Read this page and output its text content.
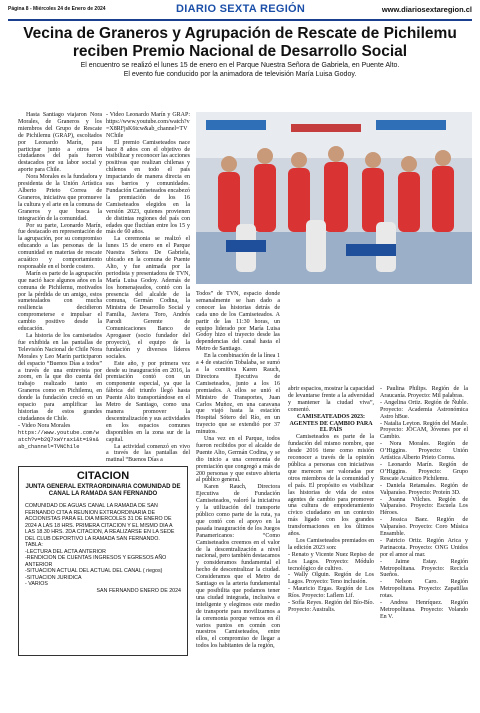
Página 8 - Miércoles 24 de Enero de 2024	DIARIO SEXTA REGIÓN	www.diariosextaregion.cl
Vecina de Graneros y Agrupación de Rescate de Pichilemu reciben Premio Nacional de Desarrollo Social
El encuentro se realizó el lunes 15 de enero en el Parque Nuestra Señora de Gabriela, en Puente Alto.
El evento fue conducido por la animadora de televisión María Luisa Godoy.

Hasta Santiago viajaron Nora Morales, de Graneros y los miembros del Grupo de Rescate de Pichilemu (GRAP), escoltados por Leonardo Marín, para participar junto a otros 14 ciudadanos del país fueron destacados por su labor social y aporte para Chile.

Nora Morales es la fundadora y presidenta de la Unión Artística Alberto Prieto Correa de Graneros, iniciativa que promueve la cultura y el arte en la comuna de Graneros y que busca la integración de la comunidad.

Por su parte, Leonardo Marín, fue destacado en representación de la agrupación, por su compromiso educando a las personas de la comunidad en materias de rescate acuático y comportamiento responsable en el borde costero.

Marín es parte de la agrupación que nació hace algunos años en la comuna de Pichilemu, motivados por la pérdida de un amigo, estos sumetealados con mucha resiliencia decidieron comprometerse e impulsar el cambio positivo desde la educación.

La historia de los camisetados fue exhibida en las pantallas de Televisión Nacional de Chile Nora Morales y Leo Marín participaron del espacio “Buenos Días a todos” a través de una entrevista por zoom, en la que dio cuenta del trabajo realizado tanto en Graneros como en Pichilemu, en donde la fundación creció en un espacio para amplificar las historias de estos grandes ciudadanos de Chile.

- Video Nora Morales

https://www.youtube.com/watch?v=b2Q7xwYrax1&t=19s&ab_channel=TVNChile

- Video Leonardo Marín y GRAP: https://www.youtube.com/watch?v=X8RFjsK6tcw&ab_channel=TVNChile

El premio Camiseteados nace hace 8 años con el objetivo de visibilizar y reconocer las acciones positivas que realizan chilenas y chilenos en todo el país impactando de manera directa en sus barrios y comunidades. Fundación Camiseteados encabezó la premiación de los 16 Camiseteados elegidos en la versión 2023, quienes provienen de distintas regiones del país con edades que fluctúan entre los 15 y más de 60 años.

La ceremonia se realizó el lunes 15 de enero en el Parque Nuestra Señora De Gabriela, ubicado en la comuna de Puente Alto, y fue animada por la periodista y presentadora de TVN, María Luisa Godoy. Además de los homenajeados, contó con la presencia del alcalde de la comuna, Germán Codina, la Ministra de Desarrollo Social y Familia, Javiera Toro, Andrés Parodi Gerente de Comunicaciones Banco de Aprogaser (socio fundador del proyecto), el equipo de la fundación y diversos líderes sociales.

Este año, y por primera vez desde su inauguración en 2016, la premiación contó con un componente especial, ya que la fábrica del triunfo llegó hasta Puente Alto transportándose en el Metro de Santiago, como una manera promover la descentralización y sus actividades en los espacios comunes disponibles en la zona sur de la capital.

La actividad comenzó en vivo a través de las pantallas del matinal “Buenos Días a

Todos” de TVN, espacio donde semanalmente se han dado a conocer las historias detrás de cada uno de los Camiseteados. A partir de las 11:30 horas, un equipo liderado por María Luisa Godoy hizo el trayecto desde las dependencias del canal hasta el Metro de Santiago.

En la combinación de la línea 1 a 4 de estación Tobalaba, se sumó a la comitiva Karen Rauch, Directora Ejecutiva de Camiseteados, junto a los 16 premiados. A ellos se unió el Ministro de Transportes, Juan Carlos Muñoz, en una caravana que viajó hasta la estación Hospital Sótero del Río, en un trayecto que se extendió por 37 minutos.

Una vez en el Parque, todos fueron recibidos por el alcalde de Puente Alto, Germán Codina, y se dio inicio a una ceremonia de premiación que congregó a más de 200 personas y que estuvo abierta al público general.

Karen Rauch, Directora Ejecutiva de Fundación Camiseteados, valoró la iniciativa y la utilización del transporte público como parte de la ruta, ya que contó con el apoyo en la pasada inauguración de los Juegos Panamericanos: “Como Camiseteados creemos en el valor de la descentralización a nivel nacional, pero también destacamos y consideramos fundamental el hecho de descentralizar la ciudad. Consideramos que el Metro de Santiago es la arteria fundamental que posibilita que podamos tener una ciudad integrada, inclusiva e inteligente y elegimos este medio de transporte para movilizarnos a la ceremonia porque vemos en él varios puntos en común con nuestros Camiseteados, entre ellos, el compromiso de llegar a todos los habitantes de la región,

abrir espacios, mostrar la capacidad de levantarse frente a la adversidad y mantener la ciudad viva”, comentó.

CAMISEATEADOS 2023: AGENTES DE CAMBIO PARA EL PAÍS

Camiseteados es parte de la fundación del mismo nombre, que desde 2016 tiene como misión reconocer a través de la opinión pública a personas con iniciativas que merecen ser valoradas por otros miembros de la comunidad y el país. El propósito es visibilizar las historias de vida de estos agentes de cambio para promover una cultura de empoderamiento cívico ciudadano en un contexto más ligado con los grandes transformaciones en los últimos años.

Los Camiseteados premiados en la edición 2023 son:

- Renato y Vicente Nuez Repiso de Los Lagos. Proyecto: Módulo tecnológico de cultivo.

- Wally Olguin. Región de Los Lagos. Proyecto: Teno inclusión.

- Mauricio Ergas. Región de Los Ríos. Proyecto: Laflem Lif.

- Sofía Reyes. Región del Bío-Bío. Proyecto: Australis.

- Paulina Philips. Región de la Araucanía. Proyecto: Mil palabras.

- Angelina Ortiz. Región de Ñuble. Proyecto: Academia Astronómica Astro hBue.

- Natalia Leyton. Región del Maule. Proyecto: JOCAM, Jóvenes por el Cambio.

- Nora Morales. Región de O’Higgins. Proyecto: Unión Artística Alberto Prieto Correa.

- Leonardo Marín. Región de O’Higgins. Proyecto: Grupo Rescate Acuático Pichilemu.

- Daniela Retamales. Región de Valparaíso. Proyecto: Proteín 3D.

- Joanna Vilches. Región de Valparaíso. Proyecto: Escuela Los Héroes.

- Jessica Baez. Región de Valparaíso. Proyecto: Coro Música Ensamble.

- Patricio Ortiz. Región Arica y Parinacota. Proyecto: ONG Unidos por el amor al mar.

- Jaime Estay. Región Metropolitana. Proyecto: Recicla Sueños.

- Nelson Caro. Región Metropolitana. Proyecto: Zapatillas rotas.

- Andrea Henríquez. Región Metropolitana. Proyecto: Volando En V.

CITACION
JUNTA GENERAL EXTRAORDINARIA COMUNIDAD DE CANAL LA RAMADA SAN FERNANDO
COMUNIDAD DE AGUAS CANAL LA RAMADA DE SAN FERNANDO CITA A REUNION EXTRAORDINARIA DE ACCIONISTAS PARA EL DIA MIERCOLES 31 DE ENERO DE 2024 A LAS 18 HRS. PRIMERA CITACION Y EL MISMO DIA A LAS 18.30 HRS. 2DA CITACION, A REALIZARSE EN LA SEDE DEL CLUB DEPORTIVO LA RAMADA SAN FERNANDO.
TABLA:
-LECTURA DEL ACTA ANTERIOR
-RENDICION DE CUENTAS INGRESOS Y EGRESOS AÑO ANTERIOR
-SITUACION ACTUAL DEL ACTUAL DEL CANAL ( riegos)
-SITUACION JURIDICA
- VARIOS
SAN FERNANDO ENERO DE 2024
